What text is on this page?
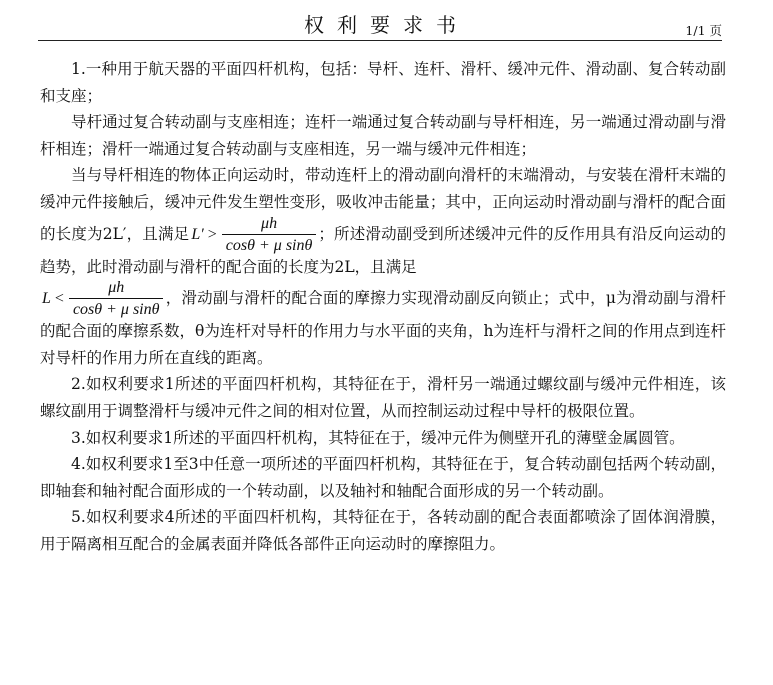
权利要求书	1/1 页

1.一种用于航天器的平面四杆机构，包括：导杆、连杆、滑杆、缓冲元件、滑动副、复合转动副和支座；

导杆通过复合转动副与支座相连；连杆一端通过复合转动副与导杆相连，另一端通过滑动副与滑杆相连；滑杆一端通过复合转动副与支座相连，另一端与缓冲元件相连；

当与导杆相连的物体正向运动时，带动连杆上的滑动副向滑杆的末端滑动，与安装在滑杆末端的缓冲元件接触后，缓冲元件发生塑性变形，吸收冲击能量；其中，正向运动时滑动副与滑杆的配合面的长度为2L′，且满足 $L' > \frac{\mu h}{\text{cosθ + μ sinθ}}$ ；所述滑动副受到所述缓冲元件的反作用具有沿反向运动的趋势，此时滑动副与滑杆的配合面的长度为2L，且满足
$L < \frac{\mu h}{\text{cosθ + μ sinθ}}$ ，滑动副与滑杆的配合面的摩擦力实现滑动副反向锁止；式中，μ为滑动副与滑杆的配合面的摩擦系数，θ为连杆对导杆的作用力与水平面的夹角，h为连杆与滑杆之间的作用点到连杆对导杆的作用力所在直线的距离。

2.如权利要求1所述的平面四杆机构，其特征在于，滑杆另一端通过螺纹副与缓冲元件相连，该螺纹副用于调整滑杆与缓冲元件之间的相对位置，从而控制运动过程中导杆的极限位置。

3.如权利要求1所述的平面四杆机构，其特征在于，缓冲元件为侧壁开孔的薄壁金属圆管。

4.如权利要求1至3中任意一项所述的平面四杆机构，其特征在于，复合转动副包括两个转动副，即轴套和轴衬配合面形成的一个转动副，以及轴衬和轴配合面形成的另一个转动副。

5.如权利要求4所述的平面四杆机构，其特征在于，各转动副的配合表面都喷涂了固体润滑膜，用于隔离相互配合的金属表面并降低各部件正向运动时的摩擦阻力。
